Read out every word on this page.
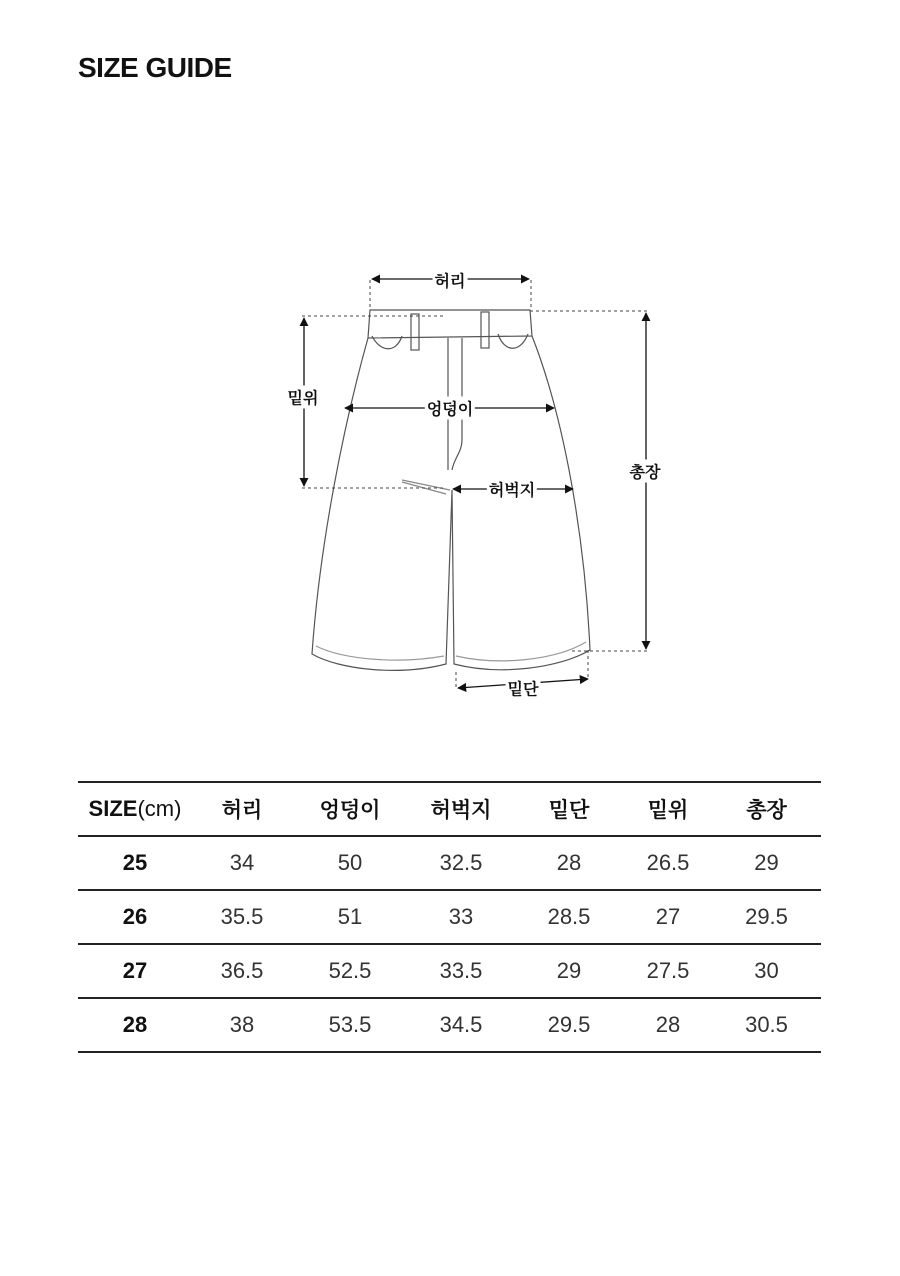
SIZE GUIDE
허리
엉덩이
허벅지
밑위
총장
밑단
SIZE(cm)	허리	엉덩이	허벅지	밑단	밑위	총장
25	34	50	32.5	28	26.5	29
26	35.5	51	33	28.5	27	29.5
27	36.5	52.5	33.5	29	27.5	30
28	38	53.5	34.5	29.5	28	30.5
